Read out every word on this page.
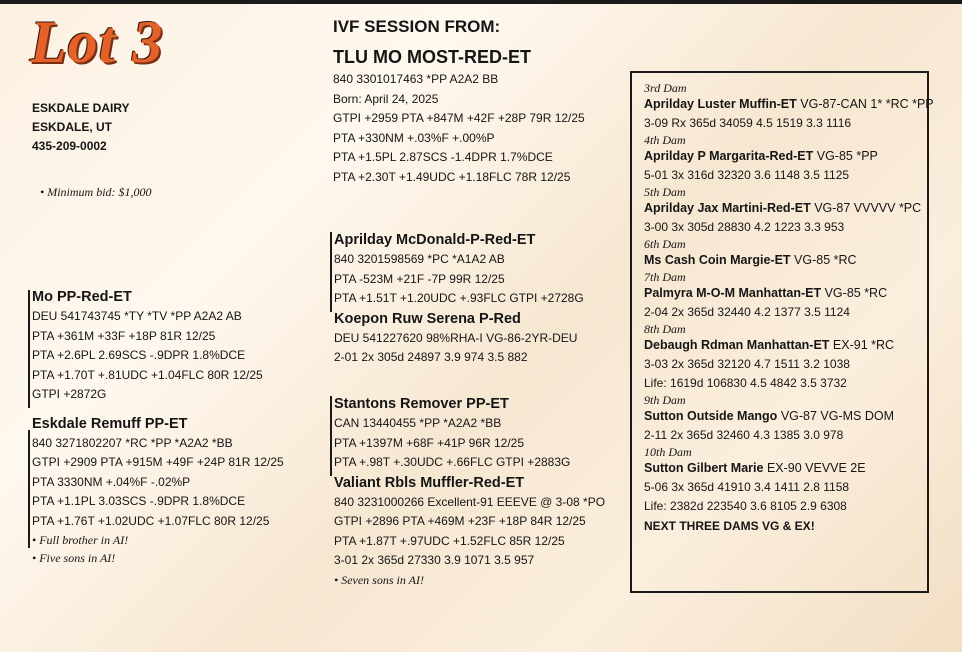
Lot 3
ESKDALE DAIRY
ESKDALE, UT
435-209-0002
• Minimum bid: $1,000
Mo PP-Red-ET
DEU 541743745 *TY *TV *PP A2A2 AB
PTA +361M +33F +18P 81R 12/25
PTA +2.6PL 2.69SCS -.9DPR 1.8%DCE
PTA +1.70T +.81UDC +1.04FLC 80R 12/25
GTPI +2872G
Eskdale Remuff PP-ET
840 3271802207 *RC *PP *A2A2 *BB
GTPI +2909 PTA +915M +49F +24P 81R 12/25
PTA 3330NM +.04%F -.02%P
PTA +1.1PL 3.03SCS -.9DPR 1.8%DCE
PTA +1.76T +1.02UDC +1.07FLC 80R 12/25
• Full brother in AI!
• Five sons in AI!
IVF SESSION FROM:
TLU MO MOST-RED-ET
840 3301017463 *PP A2A2 BB
Born: April 24, 2025
GTPI +2959 PTA +847M +42F +28P 79R 12/25
PTA +330NM +.03%F +.00%P
PTA +1.5PL 2.87SCS -1.4DPR 1.7%DCE
PTA +2.30T +1.49UDC +1.18FLC 78R 12/25
Aprilday McDonald-P-Red-ET
840 3201598569 *PC *A1A2 AB
PTA -523M +21F -7P 99R 12/25
PTA +1.51T +1.20UDC +.93FLC GTPI +2728G
Koepon Ruw Serena P-Red
DEU 541227620 98%RHA-I VG-86-2YR-DEU
2-01 2x 305d 24897 3.9 974 3.5 882
Stantons Remover PP-ET
CAN 13440455 *PP *A2A2 *BB
PTA +1397M +68F +41P 96R 12/25
PTA +.98T +.30UDC +.66FLC GTPI +2883G
Valiant Rbls Muffler-Red-ET
840 3231000266 Excellent-91 EEEVE @ 3-08 *PO
GTPI +2896 PTA +469M +23F +18P 84R 12/25
PTA +1.87T +.97UDC +1.52FLC 85R 12/25
3-01 2x 365d 27330 3.9 1071 3.5 957
• Seven sons in AI!
3rd Dam
Aprilday Luster Muffin-ET VG-87-CAN 1* *RC *PP
3-09 Rx 365d 34059 4.5 1519 3.3 1116
4th Dam
Aprilday P Margarita-Red-ET VG-85 *PP
5-01 3x 316d 32320 3.6 1148 3.5 1125
5th Dam
Aprilday Jax Martini-Red-ET VG-87 VVVVV *PC
3-00 3x 305d 28830 4.2 1223 3.3 953
6th Dam
Ms Cash Coin Margie-ET VG-85 *RC
7th Dam
Palmyra M-O-M Manhattan-ET VG-85 *RC
2-04 2x 365d 32440 4.2 1377 3.5 1124
8th Dam
Debaugh Rdman Manhattan-ET EX-91 *RC
3-03 2x 365d 32120 4.7 1511 3.2 1038
Life: 1619d 106830 4.5 4842 3.5 3732
9th Dam
Sutton Outside Mango VG-87 VG-MS DOM
2-11 2x 365d 32460 4.3 1385 3.0 978
10th Dam
Sutton Gilbert Marie EX-90 VEVVE 2E
5-06 3x 365d 41910 3.4 1411 2.8 1158
Life: 2382d 223540 3.6 8105 2.9 6308
NEXT THREE DAMS VG & EX!
